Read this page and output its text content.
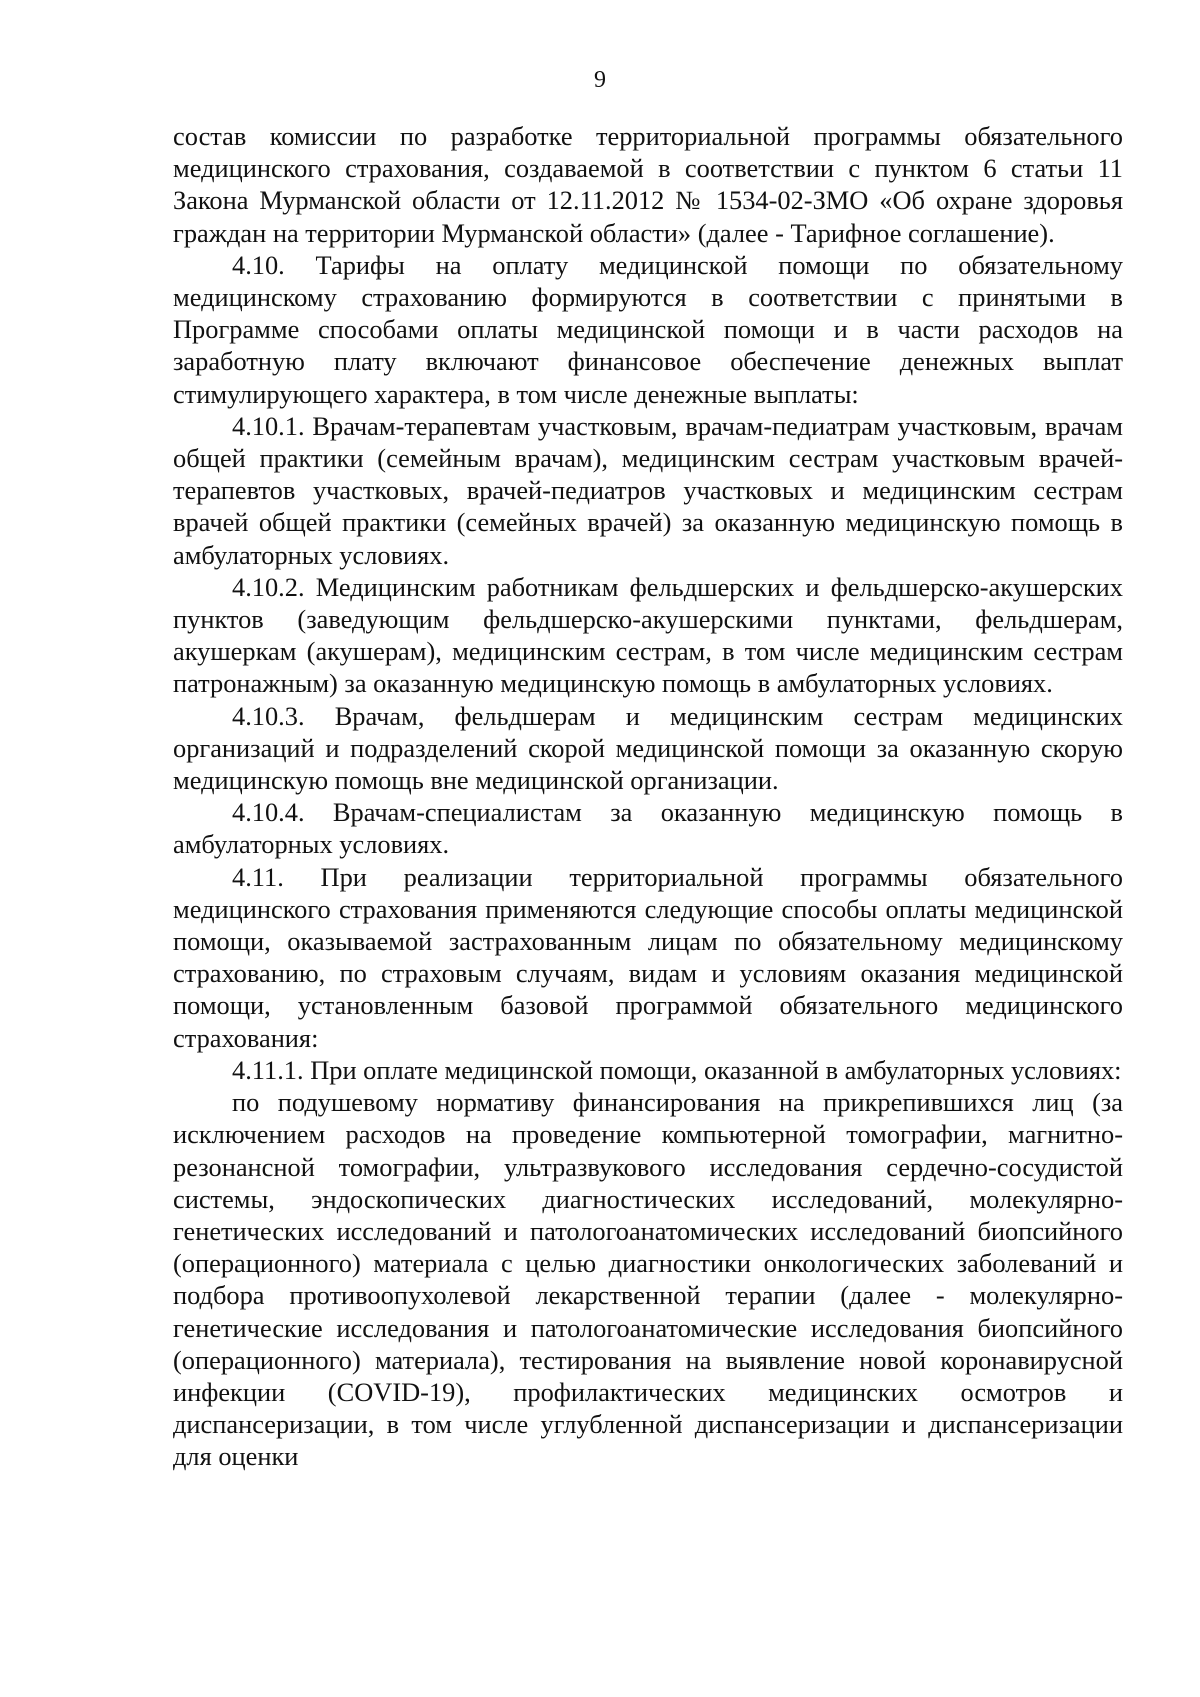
9

состав комиссии по разработке территориальной программы обязательного медицинского страхования, создаваемой в соответствии с пунктом 6 статьи 11 Закона Мурманской области от 12.11.2012 № 1534-02-ЗМО «Об охране здоровья граждан на территории Мурманской области» (далее - Тарифное соглашение).

4.10. Тарифы на оплату медицинской помощи по обязательному медицинскому страхованию формируются в соответствии с принятыми в Программе способами оплаты медицинской помощи и в части расходов на заработную плату включают финансовое обеспечение денежных выплат стимулирующего характера, в том числе денежные выплаты:

4.10.1. Врачам-терапевтам участковым, врачам-педиатрам участковым, врачам общей практики (семейным врачам), медицинским сестрам участковым врачей-терапевтов участковых, врачей-педиатров участковых и медицинским сестрам врачей общей практики (семейных врачей) за оказанную медицинскую помощь в амбулаторных условиях.

4.10.2. Медицинским работникам фельдшерских и фельдшерско-акушерских пунктов (заведующим фельдшерско-акушерскими пунктами, фельдшерам, акушеркам (акушерам), медицинским сестрам, в том числе медицинским сестрам патронажным) за оказанную медицинскую помощь в амбулаторных условиях.

4.10.3. Врачам, фельдшерам и медицинским сестрам медицинских организаций и подразделений скорой медицинской помощи за оказанную скорую медицинскую помощь вне медицинской организации.

4.10.4. Врачам-специалистам за оказанную медицинскую помощь в амбулаторных условиях.

4.11. При реализации территориальной программы обязательного медицинского страхования применяются следующие способы оплаты медицинской помощи, оказываемой застрахованным лицам по обязательному медицинскому страхованию, по страховым случаям, видам и условиям оказания медицинской помощи, установленным базовой программой обязательного медицинского страхования:

4.11.1. При оплате медицинской помощи, оказанной в амбулаторных условиях:

по подушевому нормативу финансирования на прикрепившихся лиц (за исключением расходов на проведение компьютерной томографии, магнитно-резонансной томографии, ультразвукового исследования сердечно-сосудистой системы, эндоскопических диагностических исследований, молекулярно-генетических исследований и патологоанатомических исследований биопсийного (операционного) материала с целью диагностики онкологических заболеваний и подбора противоопухолевой лекарственной терапии (далее - молекулярно-генетические исследования и патологоанатомические исследования биопсийного (операционного) материала), тестирования на выявление новой коронавирусной инфекции (COVID-19), профилактических медицинских осмотров и диспансеризации, в том числе углубленной диспансеризации и диспансеризации для оценки
